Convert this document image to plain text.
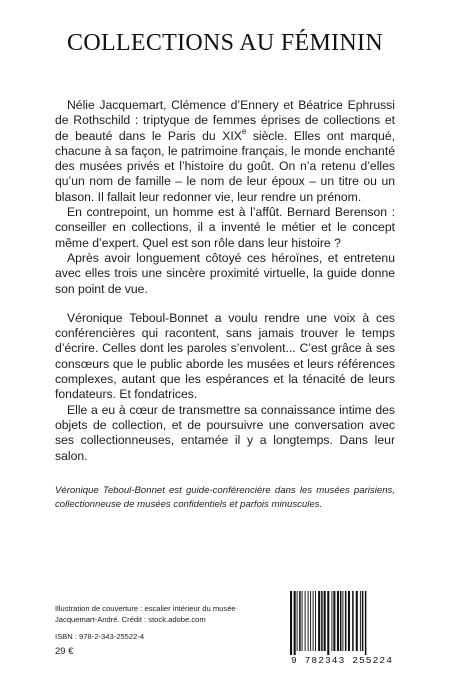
COLLECTIONS AU FÉMININ

Nélie Jacquemart, Clémence d’Ennery et Béatrice Ephrussi de Rothschild : triptyque de femmes éprises de collections et de beauté dans le Paris du XIXe siècle. Elles ont marqué, chacune à sa façon, le patrimoine français, le monde enchanté des musées privés et l’histoire du goût. On n’a retenu d’elles qu’un nom de famille – le nom de leur époux – un titre ou un blason. Il fallait leur redonner vie, leur rendre un prénom.

En contrepoint, un homme est à l’affût. Bernard Berenson : conseiller en collections, il a inventé le métier et le concept même d’expert. Quel est son rôle dans leur histoire ?

Après avoir longuement côtoyé ces héroïnes, et entretenu avec elles trois une sincère proximité virtuelle, la guide donne son point de vue.

Véronique Teboul-Bonnet a voulu rendre une voix à ces conférencières qui racontent, sans jamais trouver le temps d’écrire. Celles dont les paroles s’envolent... C’est grâce à ses consœurs que le public aborde les musées et leurs références complexes, autant que les espérances et la ténacité de leurs fondateurs. Et fondatrices.

Elle a eu à cœur de transmettre sa connaissance intime des objets de collection, et de poursuivre une conversation avec ses collectionneuses, entamée il y a longtemps. Dans leur salon.

Véronique Teboul-Bonnet est guide-conférencière dans les musées parisiens, collectionneuse de musées confidentiels et parfois minuscules.
Illustration de couverture : escalier intérieur du musée Jacquemart-André. Crédit : stock.adobe.com
ISBN : 978-2-343-25522-4
29 €
9 782343 255224
